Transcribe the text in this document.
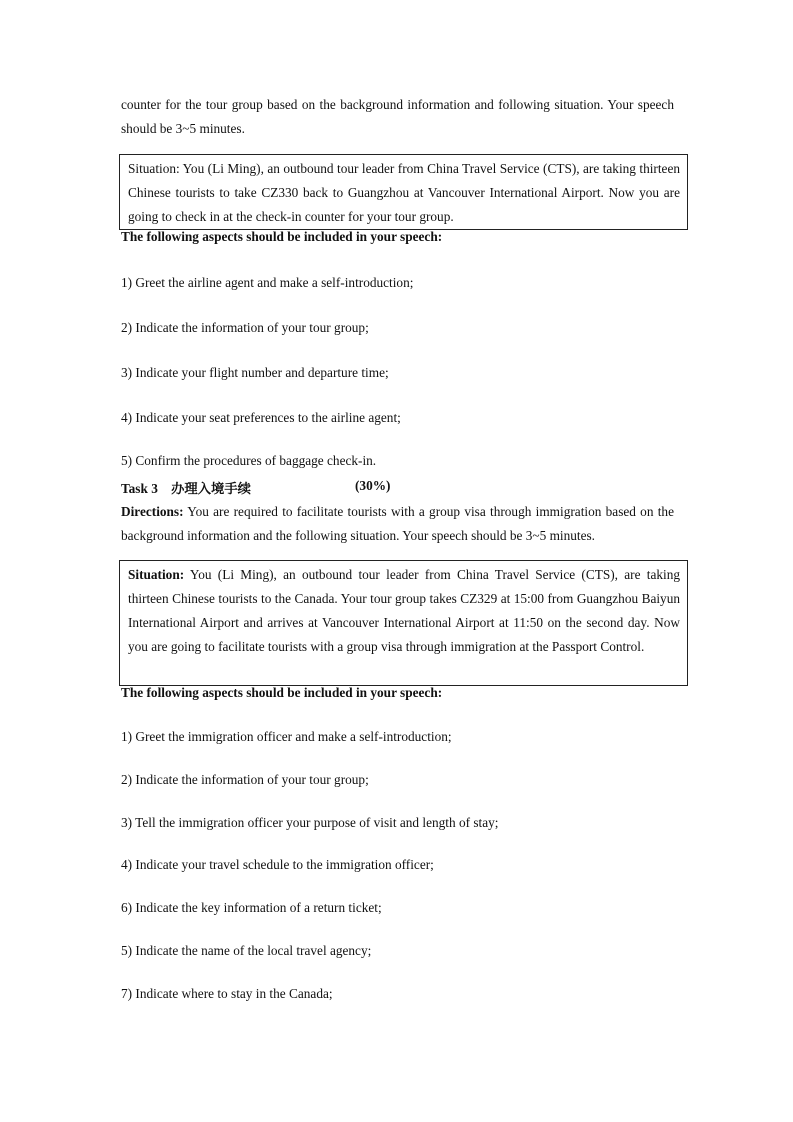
counter for the tour group based on the background information and following situation. Your speech should be 3~5 minutes.
Situation: You (Li Ming), an outbound tour leader from China Travel Service (CTS), are taking thirteen Chinese tourists to take CZ330 back to Guangzhou at Vancouver International Airport. Now you are going to check in at the check-in counter for your tour group.
The following aspects should be included in your speech:
1) Greet the airline agent and make a self-introduction;
2) Indicate the information of your tour group;
3) Indicate your flight number and departure time;
4) Indicate your seat preferences to the airline agent;
5) Confirm the procedures of baggage check-in.
Task 3　办理入境手续	(30%)
Directions: You are required to facilitate tourists with a group visa through immigration based on the background information and the following situation. Your speech should be 3~5 minutes.
Situation: You (Li Ming), an outbound tour leader from China Travel Service (CTS), are taking thirteen Chinese tourists to the Canada. Your tour group takes CZ329 at 15:00 from Guangzhou Baiyun International Airport and arrives at Vancouver International Airport at 11:50 on the second day. Now you are going to facilitate tourists with a group visa through immigration at the Passport Control.
The following aspects should be included in your speech:
1) Greet the immigration officer and make a self-introduction;
2) Indicate the information of your tour group;
3) Tell the immigration officer your purpose of visit and length of stay;
4) Indicate your travel schedule to the immigration officer;
6) Indicate the key information of a return ticket;
5) Indicate the name of the local travel agency;
7) Indicate where to stay in the Canada;
